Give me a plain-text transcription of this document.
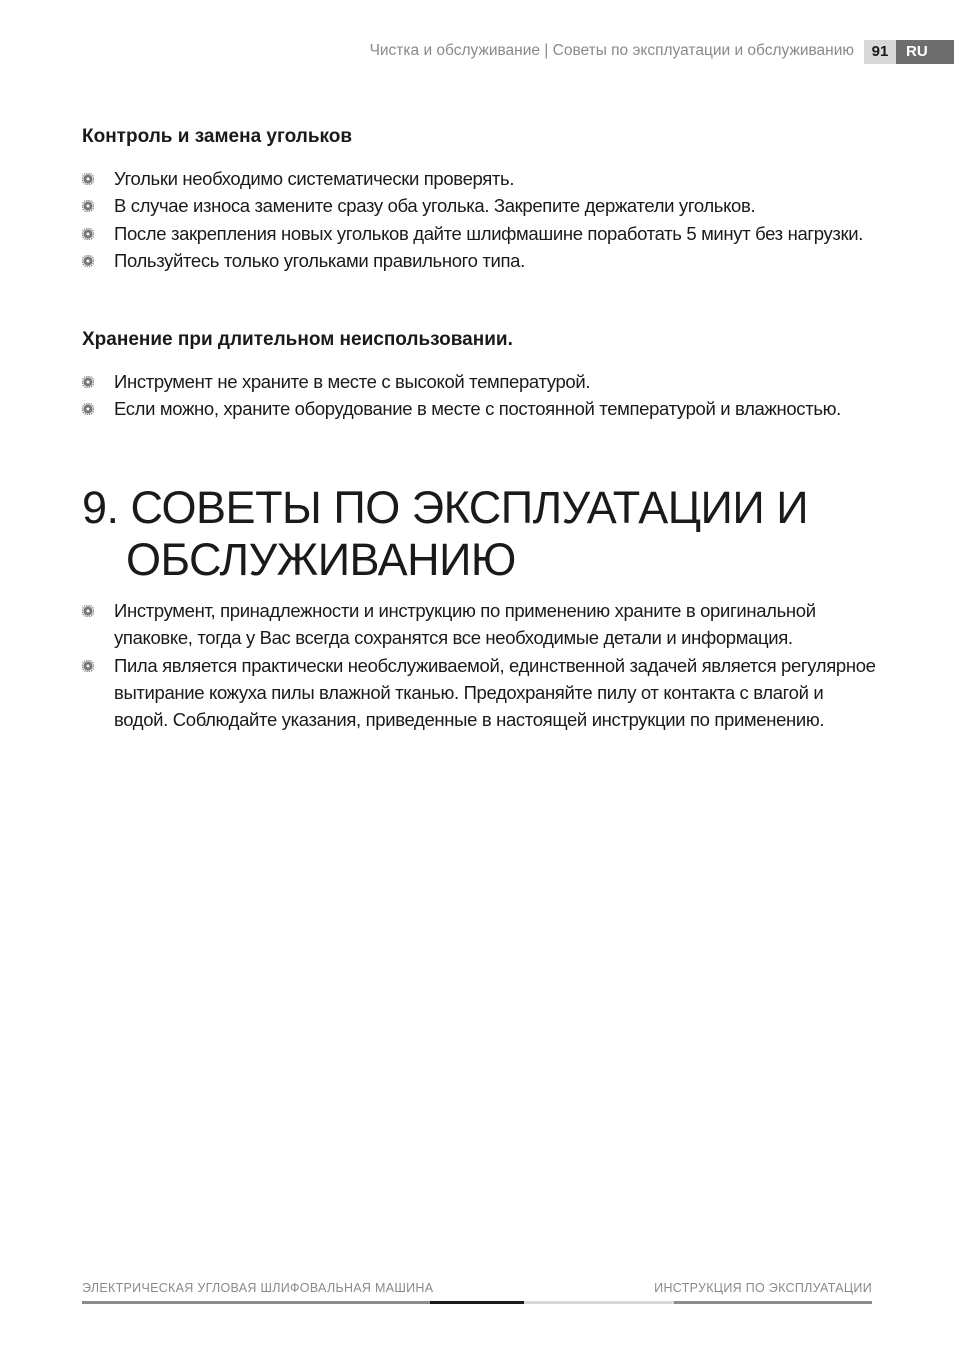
Чистка и обслуживание | Советы по эксплуатации и обслуживанию	91	RU
Контроль и замена угольков
Угольки необходимо систематически проверять.
В случае износа замените сразу оба уголька. Закрепите держатели угольков.
После закрепления новых угольков дайте шлифмашине поработать 5 минут без нагрузки.
Пользуйтесь только угольками правильного типа.
Хранение при длительном неиспользовании.
Инструмент не храните в месте с высокой температурой.
Если можно, храните оборудование в месте с постоянной температурой и влажностью.
9. СОВЕТЫ ПО ЭКСПЛУАТАЦИИ И
ОБСЛУЖИВАНИЮ
Инструмент, принадлежности и инструкцию по применению храните в оригинальной упаковке, тогда у Вас всегда сохранятся все необходимые детали и информация.
Пила является практически необслуживаемой, единственной задачей является регулярное вытирание кожуха пилы влажной тканью. Предохраняйте пилу от контакта с влагой и водой. Соблюдайте указания, приведенные в настоящей инструкции по применению.
ЭЛЕКТРИЧЕСКАЯ УГЛОВАЯ ШЛИФОВАЛЬНАЯ МАШИНА	ИНСТРУКЦИЯ ПО ЭКСПЛУАТАЦИИ
